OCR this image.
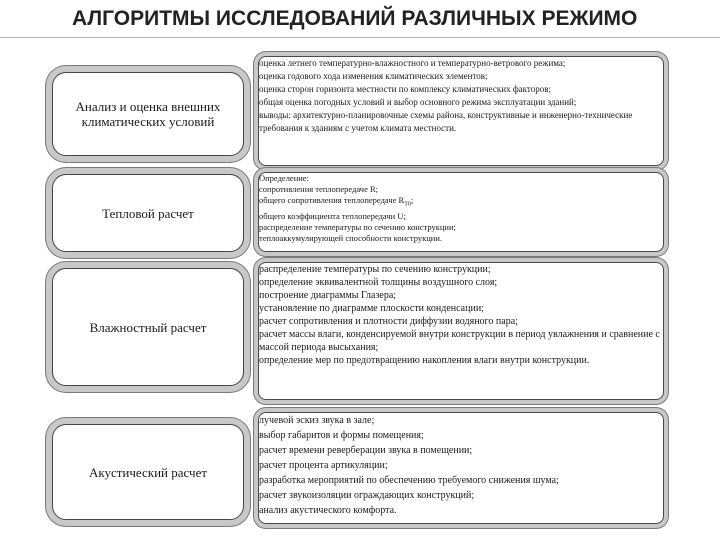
АЛГОРИТМЫ ИССЛЕДОВАНИЙ РАЗЛИЧНЫХ РЕЖИМО
Анализ и оценка внешних климатических условий
• оценка летнего температурно-влажностного и температурно-ветрового режима;
• оценка годового хода изменения климатических элементов;
• оценка сторон горизонта местности по комплексу климатических факторов;
• общая оценка погодных условий и выбор основного режима эксплуатации зданий;
• выводы: архитектурно-планировочные схемы района, конструктивные и инженерно-технические требования к зданиям с учетом климата местности.
Тепловой расчет
• Определение:
• сопротивления теплопередаче R;
• общего сопротивления теплопередаче $R_{T0}$;
• общего коэффициента теплопередачи U;
• распределение температуры по сечению конструкции;
• теплоаккумулирующей способности конструкции.
Влажностный расчет
• распределение температуры по сечению конструкции;
• определение эквивалентной толщины воздушного слоя;
• построение диаграммы Глазера;
• установление по диаграмме плоскости конденсации;
• расчет сопротивления и плотности диффузии водяного пара;
• расчет массы влаги, конденсируемой внутри конструкции в период увлажнения и сравнение с массой периода высыхания;
• определение мер по предотвращению накопления влаги внутри конструкции.
Акустический расчет
• лучевой эскиз звука в зале;
• выбор габаритов и формы помещения;
• расчет времени реверберации звука в помещении;
• расчет процента артикуляции;
• разработка мероприятий по обеспечению требуемого снижения шума;
• расчет звукоизоляции ограждающих конструкций;
• анализ акустического комфорта.
